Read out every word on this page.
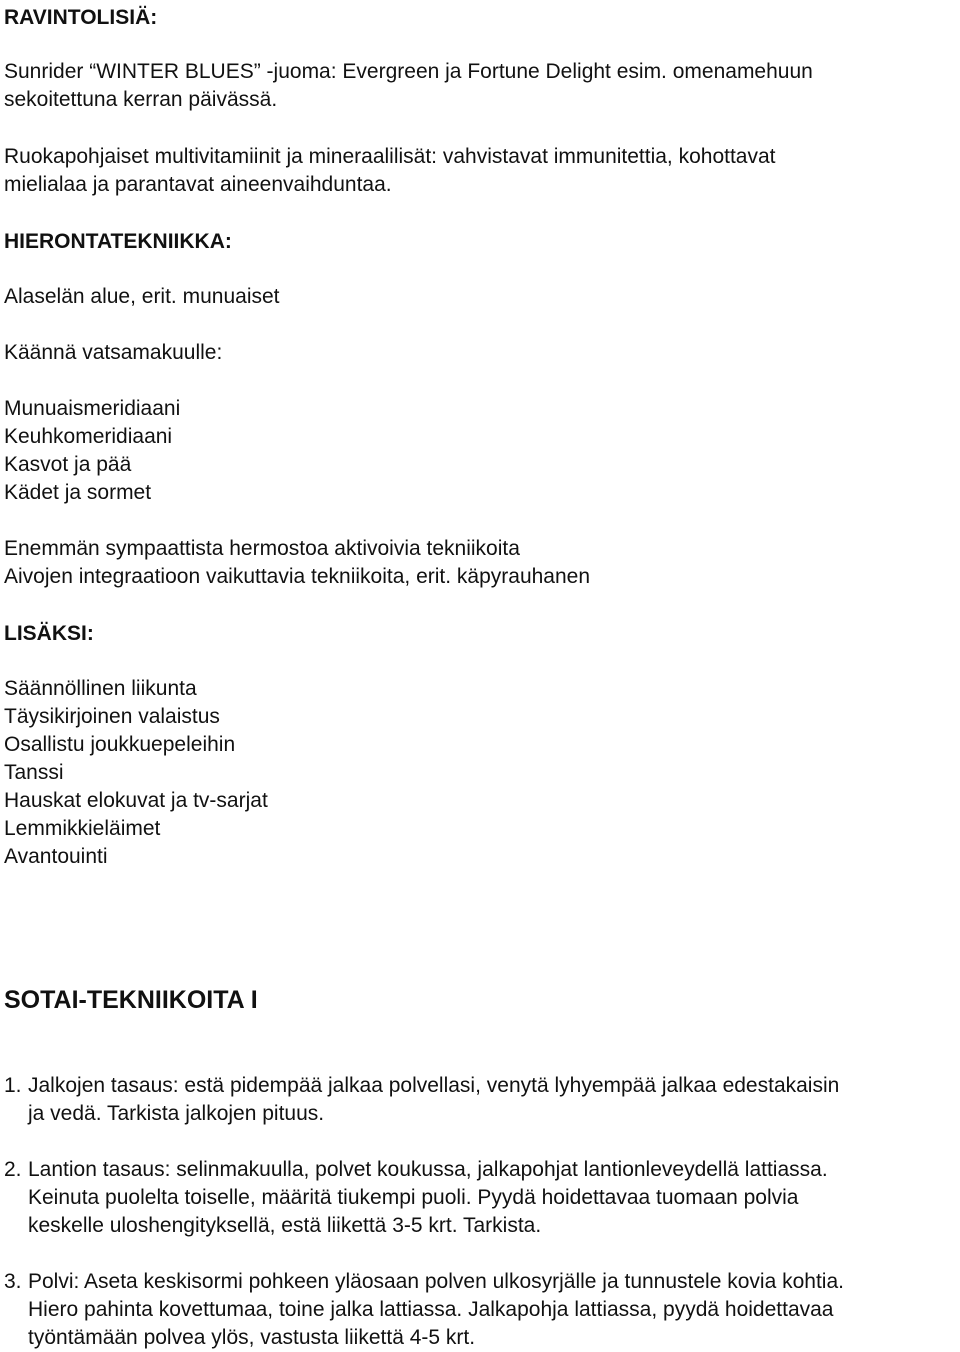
RAVINTOLISIÄ:
Sunrider “WINTER BLUES” -juoma: Evergreen ja Fortune Delight esim. omenamehuun
sekoitettuna kerran päivässä.
Ruokapohjaiset multivitamiinit ja mineraalilisät: vahvistavat immunitettia, kohottavat
mielialaa ja parantavat aineenvaihduntaa.
HIERONTATEKNIIKKA:
Alaselän alue, erit. munuaiset
Käännä vatsamakuulle:
Munuaismeridiaani
Keuhkomeridiaani
Kasvot ja pää
Kädet ja sormet
Enemmän sympaattista hermostoa aktivoivia tekniikoita
Aivojen integraatioon vaikuttavia tekniikoita, erit. käpyrauhanen
LISÄKSI:
Säännöllinen liikunta
Täysikirjoinen valaistus
Osallistu joukkuepeleihin
Tanssi
Hauskat elokuvat ja tv-sarjat
Lemmikkieläimet
Avantouinti
SOTAI-TEKNIIKOITA I
1. Jalkojen tasaus: estä pidempää jalkaa polvellasi, venytä lyhyempää jalkaa edestakaisin
ja vedä. Tarkista jalkojen pituus.
2. Lantion tasaus: selinmakuulla, polvet koukussa, jalkapohjat lantionleveydellä lattiassa.
Keinuta puolelta toiselle, määritä tiukempi puoli. Pyydä hoidettavaa tuomaan polvia
keskelle uloshengityksellä, estä liikettä 3-5 krt. Tarkista.
3. Polvi: Aseta keskisormi pohkeen yläosaan polven ulkosyrjälle ja tunnustele kovia kohtia.
Hiero pahinta kovettumaa, toine jalka lattiassa. Jalkapohja lattiassa, pyydä hoidettavaa
työntämään polvea ylös, vastusta liikettä 4-5 krt.
